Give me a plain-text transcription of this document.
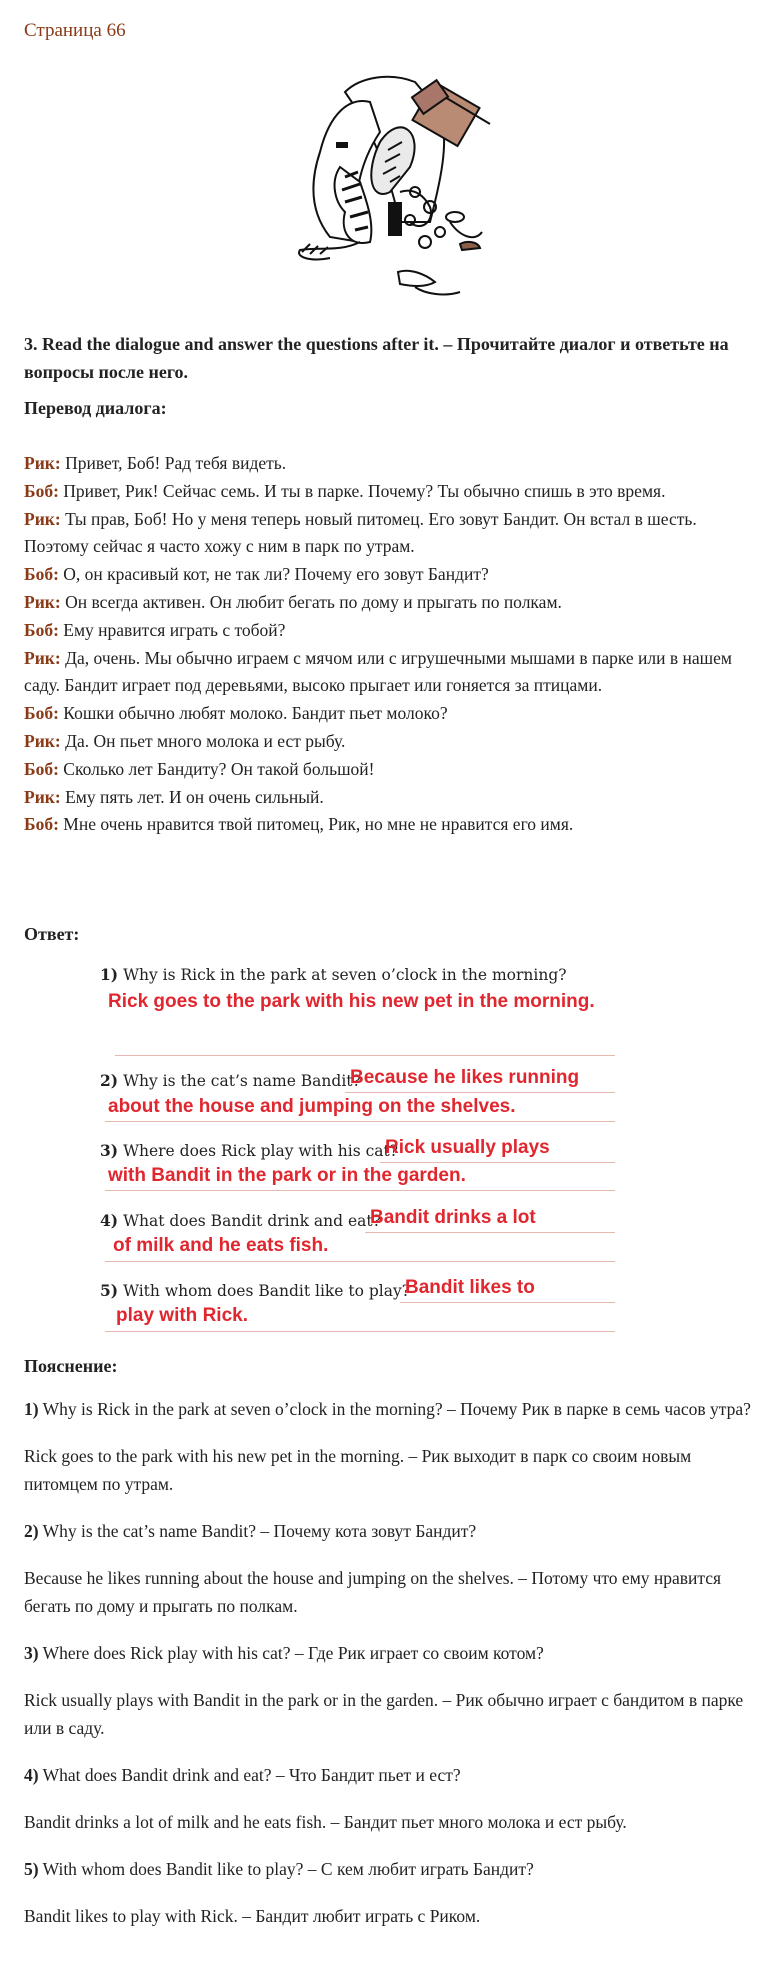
Страница 66
3. Read the dialogue and answer the questions after it. – Прочитайте диалог и ответьте на вопросы после него.
Перевод диалога:

Рик: Привет, Боб! Рад тебя видеть.

Боб: Привет, Рик! Сейчас семь. И ты в парке. Почему? Ты обычно спишь в это время.

Рик: Ты прав, Боб! Но у меня теперь новый питомец. Его зовут Бандит. Он встал в шесть. Поэтому сейчас я часто хожу с ним в парк по утрам.

Боб: О, он красивый кот, не так ли? Почему его зовут Бандит?

Рик: Он всегда активен. Он любит бегать по дому и прыгать по полкам.

Боб: Ему нравится играть с тобой?

Рик: Да, очень. Мы обычно играем с мячом или с игрушечными мышами в парке или в нашем саду. Бандит играет под деревьями, высоко прыгает или гоняется за птицами.

Боб: Кошки обычно любят молоко. Бандит пьет молоко?

Рик: Да. Он пьет много молока и ест рыбу.

Боб: Сколько лет Бандиту? Он такой большой!

Рик: Ему пять лет. И он очень сильный.

Боб: Мне очень нравится твой питомец, Рик, но мне не нравится его имя.

Ответ:
1) Why is Rick in the park at seven o’clock in the morning?
Rick goes to the park with his new pet in the morning.
2) Why is the cat’s name Bandit?
Because he likes running
about the house and jumping on the shelves.
3) Where does Rick play with his cat?
Rick usually plays
with Bandit in the park or in the garden.
4) What does Bandit drink and eat?
Bandit drinks a lot
of milk and he eats fish.
5) With whom does Bandit like to play?
Bandit likes to
play with Rick.
Пояснение:

1) Why is Rick in the park at seven o’clock in the morning? – Почему Рик в парке в семь часов утра?

Rick goes to the park with his new pet in the morning. – Рик выходит в парк со своим новым питомцем по утрам.

2) Why is the cat’s name Bandit? – Почему кота зовут Бандит?

Because he likes running about the house and jumping on the shelves. – Потому что ему нравится бегать по дому и прыгать по полкам.

3) Where does Rick play with his cat? – Где Рик играет со своим котом?

Rick usually plays with Bandit in the park or in the garden. – Рик обычно играет с бандитом в парке или в саду.

4) What does Bandit drink and eat? – Что Бандит пьет и ест?

Bandit drinks a lot of milk and he eats fish. – Бандит пьет много молока и ест рыбу.

5) With whom does Bandit like to play? – С кем любит играть Бандит?

Bandit likes to play with Rick. – Бандит любит играть с Риком.
